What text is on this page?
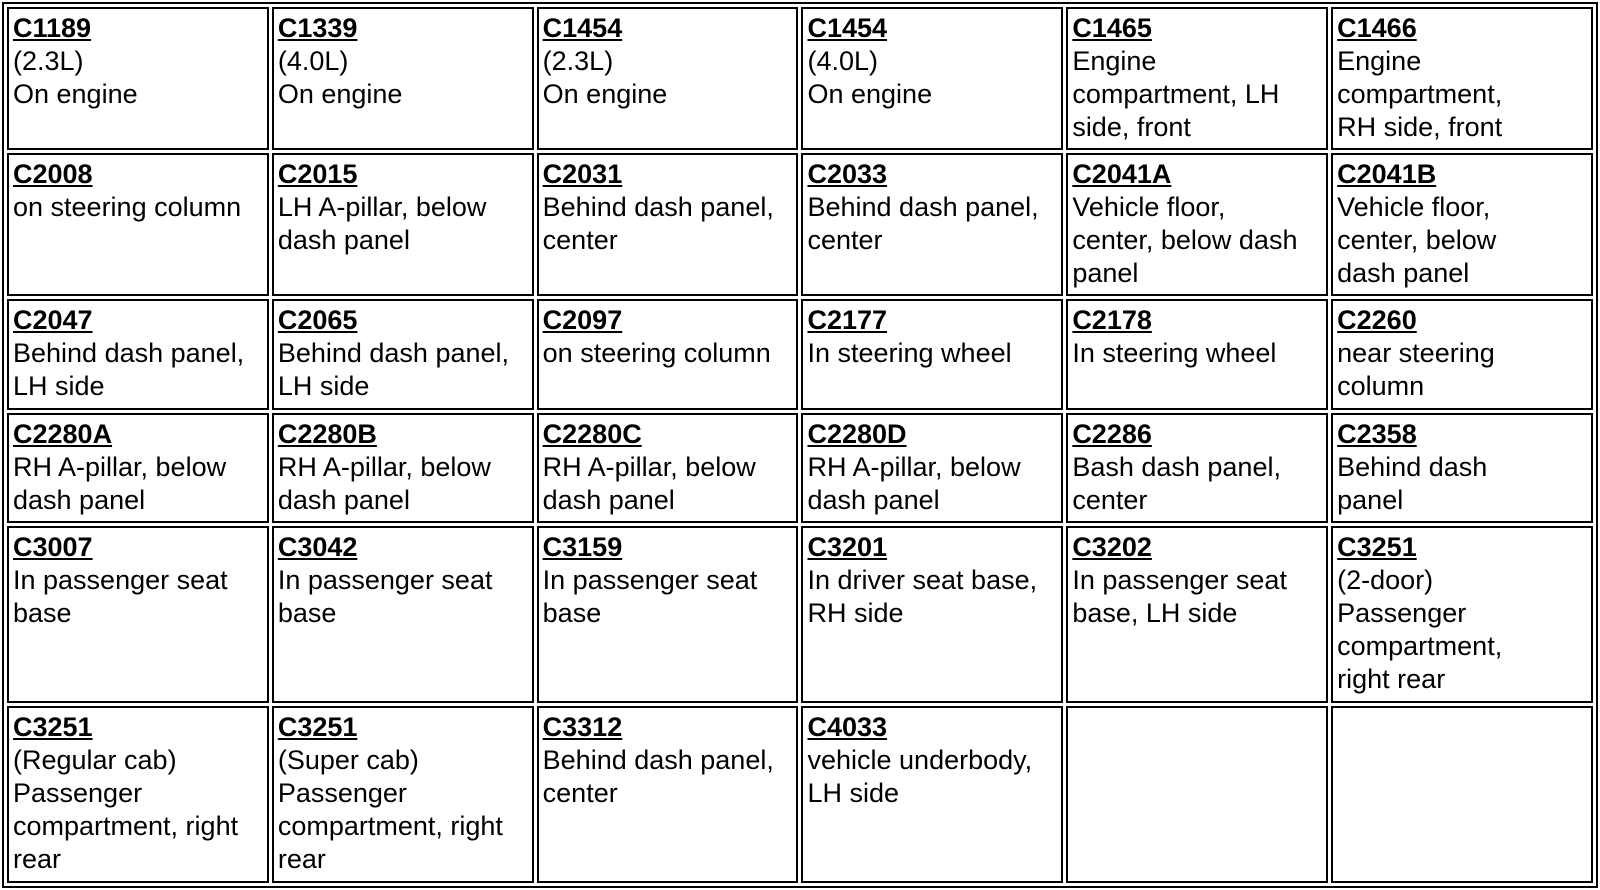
C1189
(2.3L)
On engine	C1339
(4.0L)
On engine	C1454
(2.3L)
On engine	C1454
(4.0L)
On engine	C1465
Engine
compartment, LH
side, front	C1466
Engine
compartment,
RH side, front

C2008
on steering column	C2015
LH A-pillar, below
dash panel	C2031
Behind dash panel,
center	C2033
Behind dash panel,
center	C2041A
Vehicle floor,
center, below dash
panel	C2041B
Vehicle floor,
center, below
dash panel

C2047
Behind dash panel,
LH side	C2065
Behind dash panel,
LH side	C2097
on steering column	C2177
In steering wheel	C2178
In steering wheel	C2260
near steering
column

C2280A
RH A-pillar, below
dash panel	C2280B
RH A-pillar, below
dash panel	C2280C
RH A-pillar, below
dash panel	C2280D
RH A-pillar, below
dash panel	C2286
Bash dash panel,
center	C2358
Behind dash
panel

C3007
In passenger seat
base	C3042
In passenger seat
base	C3159
In passenger seat
base	C3201
In driver seat base,
RH side	C3202
In passenger seat
base, LH side	C3251
(2-door)
Passenger
compartment,
right rear

C3251
(Regular cab)
Passenger
compartment, right
rear	C3251
(Super cab)
Passenger
compartment, right
rear	C3312
Behind dash panel,
center	C4033
vehicle underbody,
LH side		
